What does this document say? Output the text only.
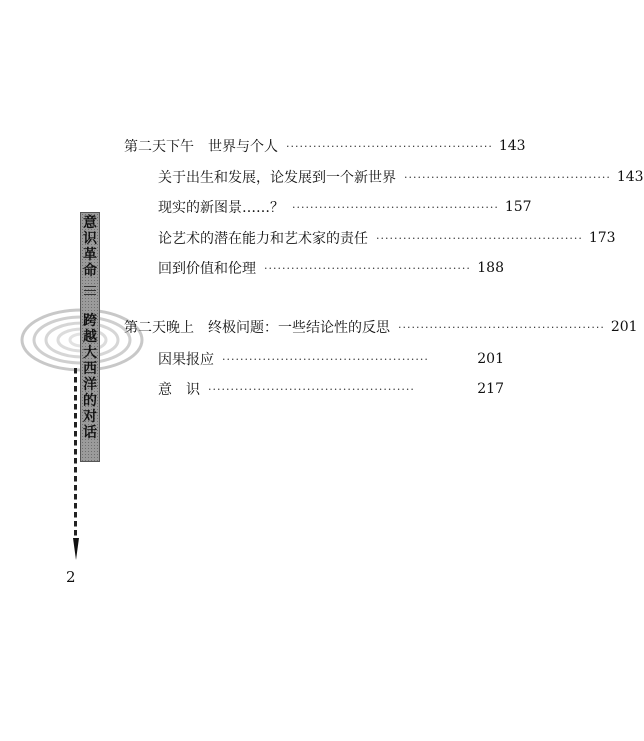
意识革命
跨越大西洋的对话
2
第二天下午　世界与个人 ·············································· 143
关于出生和发展，论发展到一个新世界 ·············································· 143
现实的新图景……？ ·············································· 157
论艺术的潜在能力和艺术家的责任 ·············································· 173
回到价值和伦理 ·············································· 188
第二天晚上　终极问题：一些结论性的反思 ·············································· 201
因果报应 ··············································	201
意　识 ··············································	217
